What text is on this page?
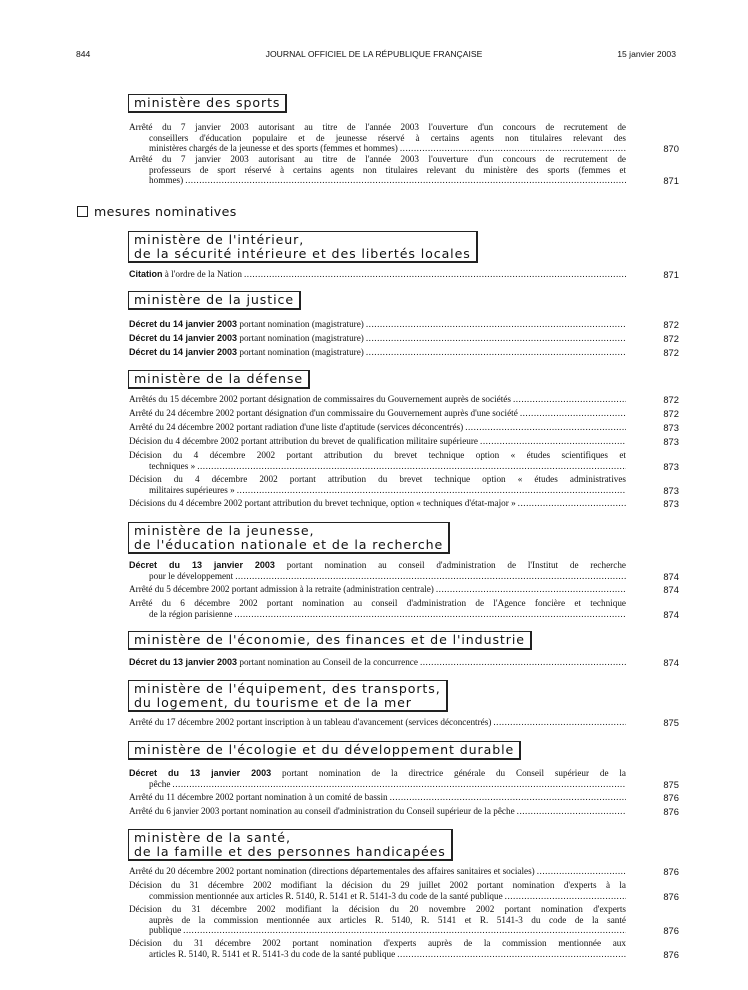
844	JOURNAL OFFICIEL DE LA RÉPUBLIQUE FRANÇAISE	15 janvier 2003
mesures nominatives
ministère des sports
Arrêté du 7 janvier 2003 autorisant au titre de l'année 2003 l'ouverture d'un concours de recrutement de
conseillers d'éducation populaire et de jeunesse réservé à certains agents non titulaires relevant des
ministères chargés de la jeunesse et des sports (femmes et hommes) .....	870
Arrêté du 7 janvier 2003 autorisant au titre de l'année 2003 l'ouverture d'un concours de recrutement de
professeurs de sport réservé à certains agents non titulaires relevant du ministère des sports (femmes et
hommes) .....	871
ministère de l'intérieur,
de la sécurité intérieure et des libertés locales
Citation à l'ordre de la Nation .....	871
ministère de la justice
Décret du 14 janvier 2003 portant nomination (magistrature) .....	872
Décret du 14 janvier 2003 portant nomination (magistrature) .....	872
Décret du 14 janvier 2003 portant nomination (magistrature) .....	872
ministère de la défense
Arrêtés du 15 décembre 2002 portant désignation de commissaires du Gouvernement auprès de sociétés .....	872
Arrêté du 24 décembre 2002 portant désignation d'un commissaire du Gouvernement auprès d'une société .....	872
Arrêté du 24 décembre 2002 portant radiation d'une liste d'aptitude (services déconcentrés) .....	873
Décision du 4 décembre 2002 portant attribution du brevet de qualification militaire supérieure .....	873
Décision du 4 décembre 2002 portant attribution du brevet technique option « études scientifiques et
techniques » .....	873
Décision du 4 décembre 2002 portant attribution du brevet technique option « études administratives
militaires supérieures » .....	873
Décisions du 4 décembre 2002 portant attribution du brevet technique, option « techniques d'état-major » .....	873
ministère de la jeunesse,
de l'éducation nationale et de la recherche
Décret du 13 janvier 2003 portant nomination au conseil d'administration de l'Institut de recherche
pour le développement .....	874
Arrêté du 5 décembre 2002 portant admission à la retraite (administration centrale) .....	874
Arrêté du 6 décembre 2002 portant nomination au conseil d'administration de l'Agence foncière et technique
de la région parisienne .....	874
ministère de l'économie, des finances et de l'industrie
Décret du 13 janvier 2003 portant nomination au Conseil de la concurrence .....	874
ministère de l'équipement, des transports,
du logement, du tourisme et de la mer
Arrêté du 17 décembre 2002 portant inscription à un tableau d'avancement (services déconcentrés) .....	875
ministère de l'écologie et du développement durable
Décret du 13 janvier 2003 portant nomination de la directrice générale du Conseil supérieur de la
pêche .....	875
Arrêté du 11 décembre 2002 portant nomination à un comité de bassin .....	876
Arrêté du 6 janvier 2003 portant nomination au conseil d'administration du Conseil supérieur de la pêche .....	876
ministère de la santé,
de la famille et des personnes handicapées
Arrêté du 20 décembre 2002 portant nomination (directions départementales des affaires sanitaires et sociales) .....	876
Décision du 31 décembre 2002 modifiant la décision du 29 juillet 2002 portant nomination d'experts à la
commission mentionnée aux articles R. 5140, R. 5141 et R. 5141-3 du code de la santé publique .....	876
Décision du 31 décembre 2002 modifiant la décision du 20 novembre 2002 portant nomination d'experts
auprès de la commission mentionnée aux articles R. 5140, R. 5141 et R. 5141-3 du code de la santé
publique .....	876
Décision du 31 décembre 2002 portant nomination d'experts auprès de la commission mentionnée aux
articles R. 5140, R. 5141 et R. 5141-3 du code de la santé publique .....	876
